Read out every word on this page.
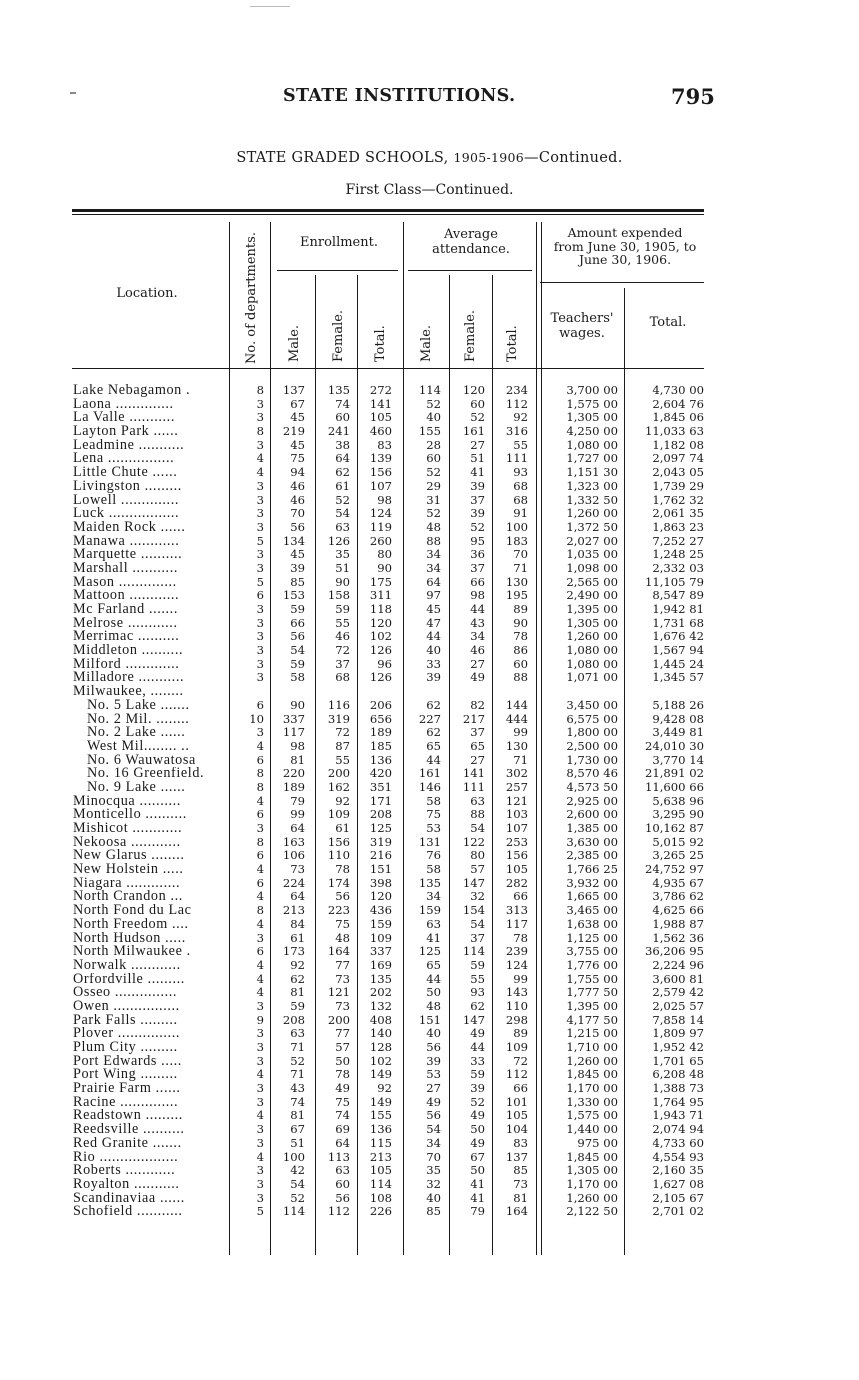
STATE INSTITUTIONS.	795
STATE GRADED SCHOOLS, 1905-1906—Continued.
First Class—Continued.
Location.	No. of departments.	Enrollment.
Average
attendance.
Amount expended
from June 30, 1905, to
June 30, 1906.
Male. Female. Total. Male. Female. Total.
Teachers'
wages.
Total.
Lake Nebagamon .	8	137	135	272	114	120	234	3,700 00	4,730 00
Laona ..............	3	67	74	141	52	60	112	1,575 00	2,604 76
La Valle ...........	3	45	60	105	40	52	92	1,305 00	1,845 06
Layton Park ......	8	219	241	460	155	161	316	4,250 00	11,033 63
Leadmine ...........	3	45	38	83	28	27	55	1,080 00	1,182 08
Lena ................	4	75	64	139	60	51	111	1,727 00	2,097 74
Little Chute ......	4	94	62	156	52	41	93	1,151 30	2,043 05
Livingston .........	3	46	61	107	29	39	68	1,323 00	1,739 29
Lowell ..............	3	46	52	98	31	37	68	1,332 50	1,762 32
Luck .................	3	70	54	124	52	39	91	1,260 00	2,061 35
Maiden Rock ......	3	56	63	119	48	52	100	1,372 50	1,863 23
Manawa ............	5	134	126	260	88	95	183	2,027 00	7,252 27
Marquette ..........	3	45	35	80	34	36	70	1,035 00	1,248 25
Marshall ...........	3	39	51	90	34	37	71	1,098 00	2,332 03
Mason ..............	5	85	90	175	64	66	130	2,565 00	11,105 79
Mattoon ............	6	153	158	311	97	98	195	2,490 00	8,547 89
Mc Farland .......	3	59	59	118	45	44	89	1,395 00	1,942 81
Melrose ............	3	66	55	120	47	43	90	1,305 00	1,731 68
Merrimac ..........	3	56	46	102	44	34	78	1,260 00	1,676 42
Middleton ..........	3	54	72	126	40	46	86	1,080 00	1,567 94
Milford .............	3	59	37	96	33	27	60	1,080 00	1,445 24
Milladore ...........	3	58	68	126	39	49	88	1,071 00	1,345 57
Milwaukee, ........
No. 5 Lake .......	6	90	116	206	62	82	144	3,450 00	5,188 26
No. 2 Mil. ........	10	337	319	656	227	217	444	6,575 00	9,428 08
No. 2 Lake ......	3	117	72	189	62	37	99	1,800 00	3,449 81
West Mil........ ..	4	98	87	185	65	65	130	2,500 00	24,010 30
No. 6 Wauwatosa	6	81	55	136	44	27	71	1,730 00	3,770 14
No. 16 Greenfield.	8	220	200	420	161	141	302	8,570 46	21,891 02
No. 9 Lake ......	8	189	162	351	146	111	257	4,573 50	11,600 66
Minocqua ..........	4	79	92	171	58	63	121	2,925 00	5,638 96
Monticello ..........	6	99	109	208	75	88	103	2,600 00	3,295 90
Mishicot ............	3	64	61	125	53	54	107	1,385 00	10,162 87
Nekoosa ............	8	163	156	319	131	122	253	3,630 00	5,015 92
New Glarus ........	6	106	110	216	76	80	156	2,385 00	3,265 25
New Holstein .....	4	73	78	151	58	57	105	1,766 25	24,752 97
Niagara .............	6	224	174	398	135	147	282	3,932 00	4,935 67
North Crandon ...	4	64	56	120	34	32	66	1,665 00	3,786 62
North Fond du Lac	8	213	223	436	159	154	313	3,465 00	4,625 66
North Freedom ....	4	84	75	159	63	54	117	1,638 00	1,988 87
North Hudson .....	3	61	48	109	41	37	78	1,125 00	1,562 36
North Milwaukee .	6	173	164	337	125	114	239	3,755 00	36,206 95
Norwalk ............	4	92	77	169	65	59	124	1,776 00	2,224 96
Orfordville .........	4	62	73	135	44	55	99	1,755 00	3,600 81
Osseo ...............	4	81	121	202	50	93	143	1,777 50	2,579 42
Owen ................	3	59	73	132	48	62	110	1,395 00	2,025 57
Park Falls .........	9	208	200	408	151	147	298	4,177 50	7,858 14
Plover ...............	3	63	77	140	40	49	89	1,215 00	1,809 97
Plum City .........	3	71	57	128	56	44	109	1,710 00	1,952 42
Port Edwards .....	3	52	50	102	39	33	72	1,260 00	1,701 65
Port Wing .........	4	71	78	149	53	59	112	1,845 00	6,208 48
Prairie Farm ......	3	43	49	92	27	39	66	1,170 00	1,388 73
Racine ..............	3	74	75	149	49	52	101	1,330 00	1,764 95
Readstown .........	4	81	74	155	56	49	105	1,575 00	1,943 71
Reedsville ..........	3	67	69	136	54	50	104	1,440 00	2,074 94
Red Granite .......	3	51	64	115	34	49	83	975 00	4,733 60
Rio ...................	4	100	113	213	70	67	137	1,845 00	4,554 93
Roberts ............	3	42	63	105	35	50	85	1,305 00	2,160 35
Royalton ...........	3	54	60	114	32	41	73	1,170 00	1,627 08
Scandinaviaa ......	3	52	56	108	40	41	81	1,260 00	2,105 67
Schofield ...........	5	114	112	226	85	79	164	2,122 50	2,701 02
